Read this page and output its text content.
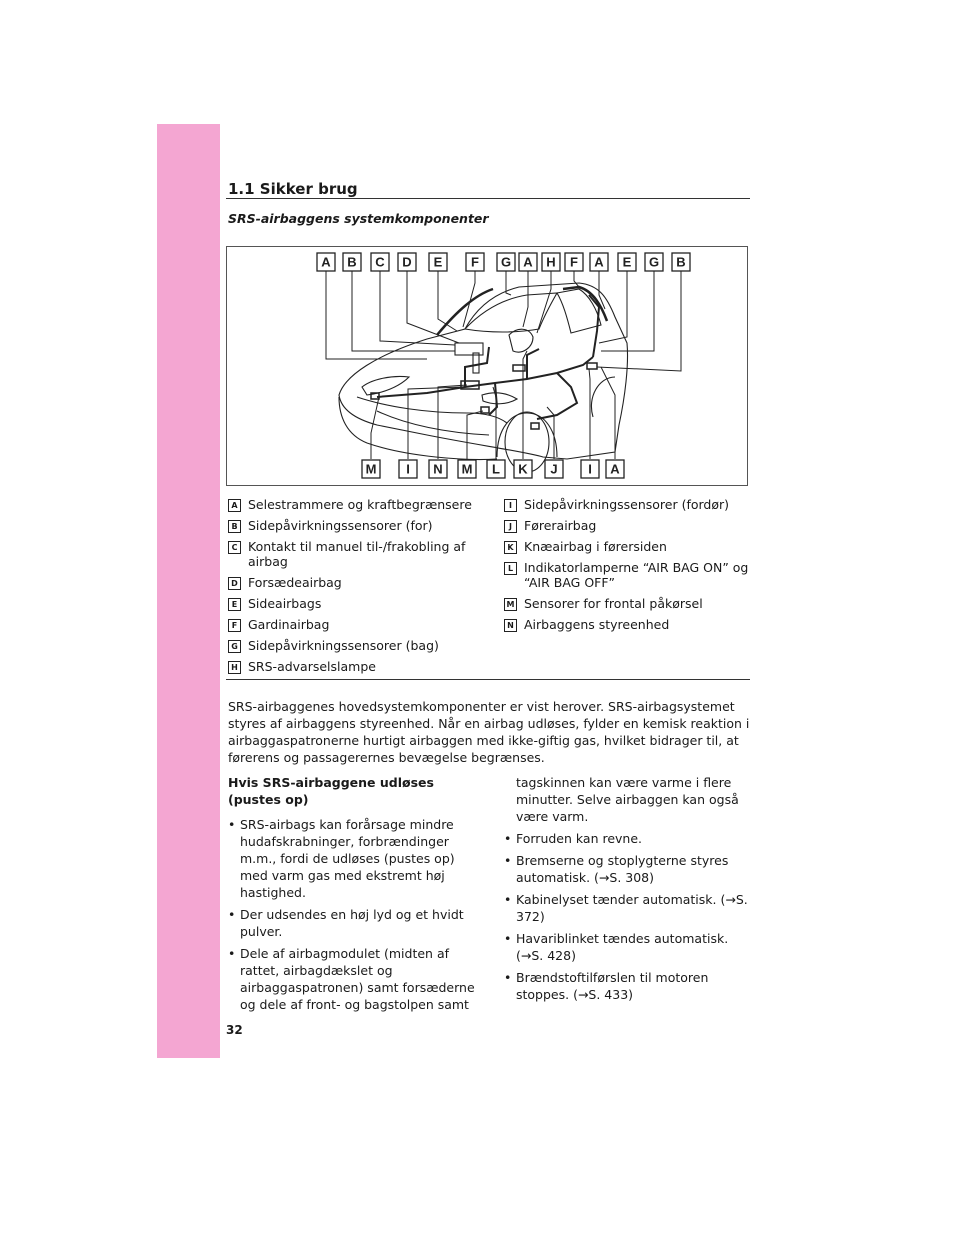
1.1 Sikker brug
SRS-airbaggens systemkomponenter
A B C D E F G A H F A E G B
M I N M L K J I A
A Selestrammere og kraftbegrænsere
B Sidepåvirkningssensorer (for)
C Kontakt til manuel til-/frakobling af
airbag
D Forsædeairbag
E Sideairbags
F Gardinairbag
G Sidepåvirkningssensorer (bag)
H SRS-advarselslampe
I Sidepåvirkningssensorer (fordør)
J Førerairbag
K Knæairbag i førersiden
L Indikatorlamperne “AIR BAG ON” og
“AIR BAG OFF”
M Sensorer for frontal påkørsel
N Airbaggens styreenhed
SRS-airbaggenes hovedsystemkomponenter er vist herover. SRS-airbagsystemet styres af airbaggens styreenhed. Når en airbag udløses, fylder en kemisk reaktion i airbaggaspatronerne hurtigt airbaggen med ikke-giftig gas, hvilket bidrager til, at førerens og passagerernes bevægelse begrænses.
Hvis SRS-airbaggene udløses
(pustes op)
• SRS-airbags kan forårsage mindre hudafskrabninger, forbrændinger m.m., fordi de udløses (pustes op) med varm gas med ekstremt høj hastighed.
• Der udsendes en høj lyd og et hvidt pulver.
• Dele af airbagmodulet (midten af rattet, airbagdækslet og airbaggaspatronen) samt forsæderne og dele af front- og bagstolpen samt
tagskinnen kan være varme i flere minutter. Selve airbaggen kan også være varm.
• Forruden kan revne.
• Bremserne og stoplygterne styres automatisk. (→S. 308)
• Kabinelyset tænder automatisk. (→S. 372)
• Havariblinket tændes automatisk. (→S. 428)
• Brændstoftilførslen til motoren stoppes. (→S. 433)
32
